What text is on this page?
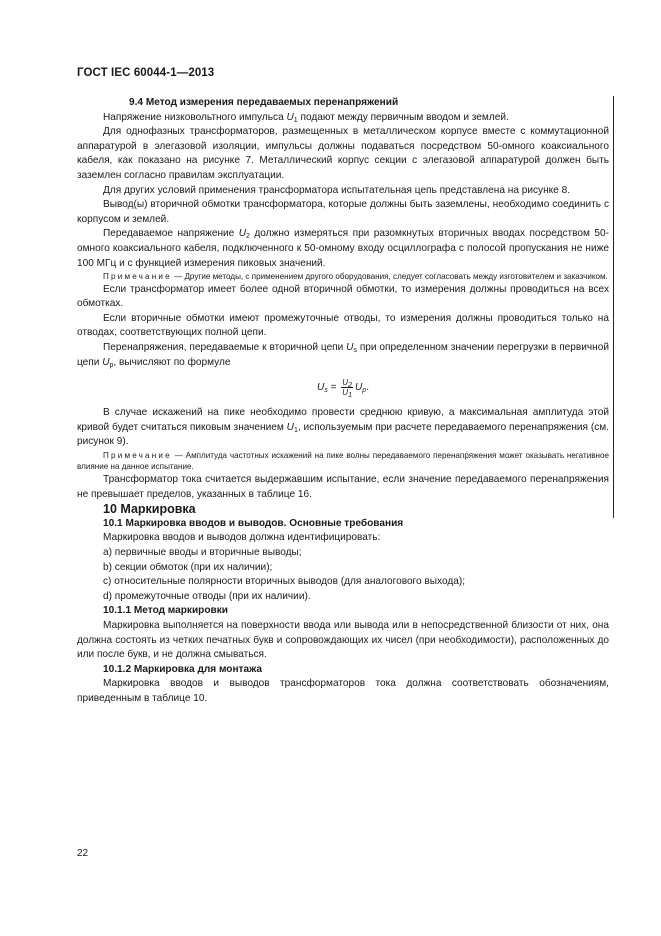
ГОСТ IEC 60044-1—2013

9.4 Метод измерения передаваемых перенапряжений

Напряжение низковольтного импульса $U_1$ подают между первичным вводом и землей.

Для однофазных трансформаторов, размещенных в металлическом корпусе вместе с коммутационной аппаратурой в элегазовой изоляции, импульсы должны подаваться посредством 50-омного коаксиального кабеля, как показано на рисунке 7. Металлический корпус секции с элегазовой аппаратурой должен быть заземлен согласно правилам эксплуатации.

Для других условий применения трансформатора испытательная цепь представлена на рисунке 8.

Вывод(ы) вторичной обмотки трансформатора, которые должны быть заземлены, необходимо соединить с корпусом и землей.

Передаваемое напряжение $U_2$ должно измеряться при разомкнутых вторичных вводах посредством 50-омного коаксиального кабеля, подключенного к 50-омному входу осциллографа с полосой пропускания не ниже 100 МГц и с функцией измерения пиковых значений.

Примечание — Другие методы, с применением другого оборудования, следует согласовать между изготовителем и заказчиком.

Если трансформатор имеет более одной вторичной обмотки, то измерения должны проводиться на всех обмотках.

Если вторичные обмотки имеют промежуточные отводы, то измерения должны проводиться только на отводах, соответствующих полной цепи.

Перенапряжения, передаваемые к вторичной цепи $U_s$ при определенном значении перегрузки в первичной цепи $U_p$, вычисляют по формуле

$U_s = \frac{U_2}{U_1} U_p$.

В случае искажений на пике необходимо провести среднюю кривую, а максимальная амплитуда этой кривой будет считаться пиковым значением $U_1$, используемым при расчете передаваемого перенапряжения (см. рисунок 9).

Примечание — Амплитуда частотных искажений на пике волны передаваемого перенапряжения может оказывать негативное влияние на данное испытание.

Трансформатор тока считается выдержавшим испытание, если значение передаваемого перенапряжения не превышает пределов, указанных в таблице 16.

10 Маркировка

10.1 Маркировка вводов и выводов. Основные требования

Маркировка вводов и выводов должна идентифицировать:

a) первичные вводы и вторичные выводы;

b) секции обмоток (при их наличии);

c) относительные полярности вторичных выводов (для аналогового выхода);

d) промежуточные отводы (при их наличии).

10.1.1 Метод маркировки

Маркировка выполняется на поверхности ввода или вывода или в непосредственной близости от них, она должна состоять из четких печатных букв и сопровождающих их чисел (при необходимости), расположенных до или после букв, и не должна смываться.

10.1.2 Маркировка для монтажа

Маркировка вводов и выводов трансформаторов тока должна соответствовать обозначениям, приведенным в таблице 10.

22
